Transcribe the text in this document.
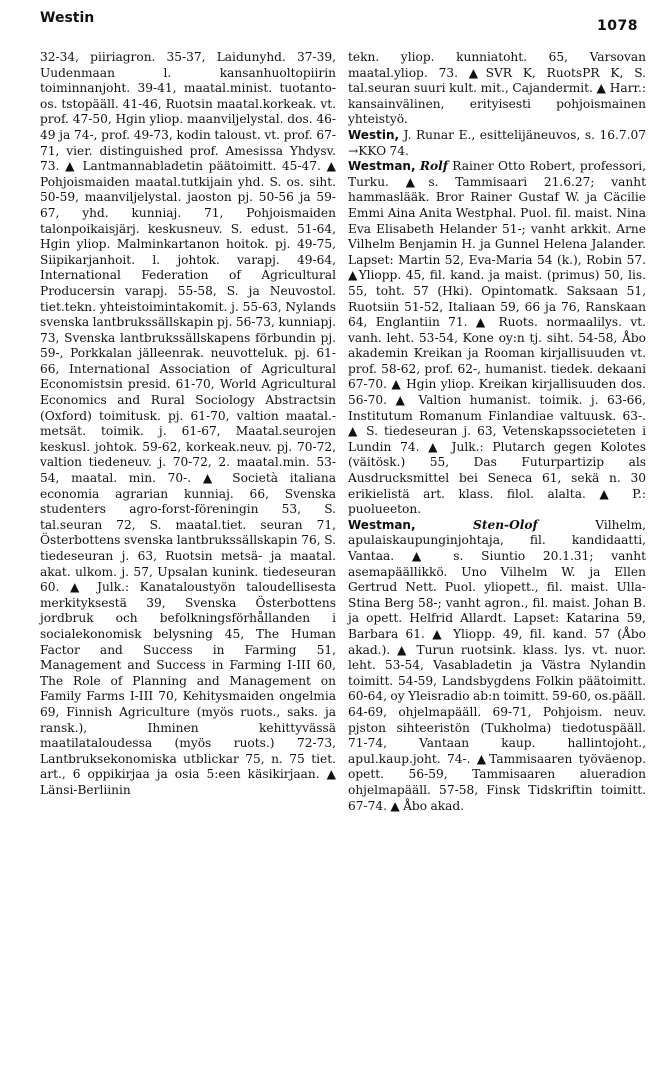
Westin	1078

32-34, piiriagron. 35-37, Laidunyhd. 37-39, Uudenmaan l. kansanhuoltopiirin toiminnanjoht. 39-41, maatal.minist. tuotanto-os. tstopääll. 41-46, Ruotsin maatal.korkeak. vt. prof. 47-50, Hgin yliop. maanviljelystal. dos. 46-49 ja 74-, prof. 49-73, kodin taloust. vt. prof. 67-71, vier. distinguished prof. Amesissa Yhdysv. 73. ▲ Lantmannabladetin päätoimitt. 45-47. ▲ Pohjoismaiden maatal.tutkijain yhd. S. os. siht. 50-59, maanviljelystal. jaoston pj. 50-56 ja 59-67, yhd. kunniaj. 71, Pohjoismaiden talonpoikaisjärj. keskusneuv. S. edust. 51-64, Hgin yliop. Malminkartanon hoitok. pj. 49-75, Siipikarjanhoit. l. johtok. varapj. 49-64, International Federation of Agricultural Producersin varapj. 55-58, S. ja Neuvostol. tiet.tekn. yhteistoimintakomit. j. 55-63, Nylands svenska lantbrukssällskapin pj. 56-73, kunniapj. 73, Svenska lantbrukssällskapens förbundin pj. 59-, Porkkalan jälleenrak. neuvotteluk. pj. 61-66, International Association of Agricultural Economistsin presid. 61-70, World Agricultural Economics and Rural Sociology Abstractsin (Oxford) toimitusk. pj. 61-70, valtion maatal.-metsät. toimik. j. 61-67, Maatal.seurojen keskusl. johtok. 59-62, korkeak.neuv. pj. 70-72, valtion tiedeneuv. j. 70-72, 2. maatal.min. 53-54, maatal. min. 70-. ▲ Società italiana economia agrarian kunniaj. 66, Svenska studenters agro-forst-föreningin 53, S. tal.seuran 72, S. maatal.tiet. seuran 71, Österbottens svenska lantbrukssällskapin 76, S. tiedeseuran j. 63, Ruotsin metsä- ja maatal. akat. ulkom. j. 57, Upsalan kunink. tiedeseuran 60. ▲ Julk.: Kanataloustyön taloudellisesta merkityksestä 39, Svenska Österbottens jordbruk och befolkningsförhållanden i socialekonomisk belysning 45, The Human Factor and Success in Farming 51, Management and Success in Farming I-III 60, The Role of Planning and Management on Family Farms I-III 70, Kehitysmaiden ongelmia 69, Finnish Agriculture (myös ruots., saks. ja ransk.), Ihminen kehittyvässä maatilataloudessa (myös ruots.) 72-73, Lantbruksekonomiska utblickar 75, n. 75 tiet. art., 6 oppikirjaa ja osia 5:een käsikirjaan. ▲ Länsi-Berliinin

tekn. yliop. kunniatoht. 65, Varsovan maatal.yliop. 73. ▲SVR K, RuotsPR K, S. tal.seuran suuri kult. mit., Cajandermit. ▲ Harr.: kansainvälinen, erityisesti pohjoismainen yhteistyö.

Westin, J. Runar E., esittelijäneuvos, s. 16.7.07 →KKO 74.

Westman, Rolf Rainer Otto Robert, professori, Turku. ▲s. Tammisaari 21.6.27; vanht hammaslääk. Bror Rainer Gustaf W. ja Cäcilie Emmi Aina Anita Westphal. Puol. fil. maist. Nina Eva Elisabeth Helander 51-; vanht arkkit. Arne Vilhelm Benjamin H. ja Gunnel Helena Jalander. Lapset: Martin 52, Eva-Maria 54 (k.), Robin 57. ▲Yliopp. 45, fil. kand. ja maist. (primus) 50, lis. 55, toht. 57 (Hki). Opintomatk. Saksaan 51, Ruotsiin 51-52, Italiaan 59, 66 ja 76, Ranskaan 64, Englantiin 71. ▲ Ruots. normaalilys. vt. vanh. leht. 53-54, Kone oy:n tj. siht. 54-58, Åbo akademin Kreikan ja Rooman kirjallisuuden vt. prof. 58-62, prof. 62-, humanist. tiedek. dekaani 67-70. ▲ Hgin yliop. Kreikan kirjallisuuden dos. 56-70. ▲ Valtion humanist. toimik. j. 63-66, Institutum Romanum Finlandiae valtuusk. 63-. ▲ S. tiedeseuran j. 63, Vetenskapssocieteten i Lundin 74. ▲ Julk.: Plutarch gegen Kolotes (väitösk.) 55, Das Futurpartizip als Ausdrucksmittel bei Seneca 61, sekä n. 30 erikielistä art. klass. filol. alalta. ▲ P.: puolueeton.

Westman,	Sten-Olof	Vilhelm, apulaiskaupunginjohtaja, fil. kandidaatti, Vantaa. ▲ s. Siuntio 20.1.31; vanht asemapäällikkö. Uno Vilhelm W. ja Ellen Gertrud Nett. Puol. yliopett., fil. maist. Ulla-Stina Berg 58-; vanht agron., fil. maist. Johan B. ja opett. Helfrid Allardt. Lapset: Katarina 59, Barbara 61. ▲ Yliopp. 49, fil. kand. 57 (Åbo akad.). ▲ Turun ruotsink. klass. lys. vt. nuor. leht. 53-54, Vasabladetin ja Västra Nylandin toimitt. 54-59, Landsbygdens Folkin päätoimitt. 60-64, oy Yleisradio ab:n toimitt. 59-60, os.pääll. 64-69, ohjelmapääll. 69-71, Pohjoism. neuv. pjston sihteeristön (Tukholma) tiedotuspääll. 71-74, Vantaan kaup. hallintojoht., apul.kaup.joht. 74-. ▲Tammisaaren työväenop. opett. 56-59, Tammisaaren alueradion ohjelmapääll. 57-58, Finsk Tidskriftin toimitt. 67-74. ▲ Åbo akad.
